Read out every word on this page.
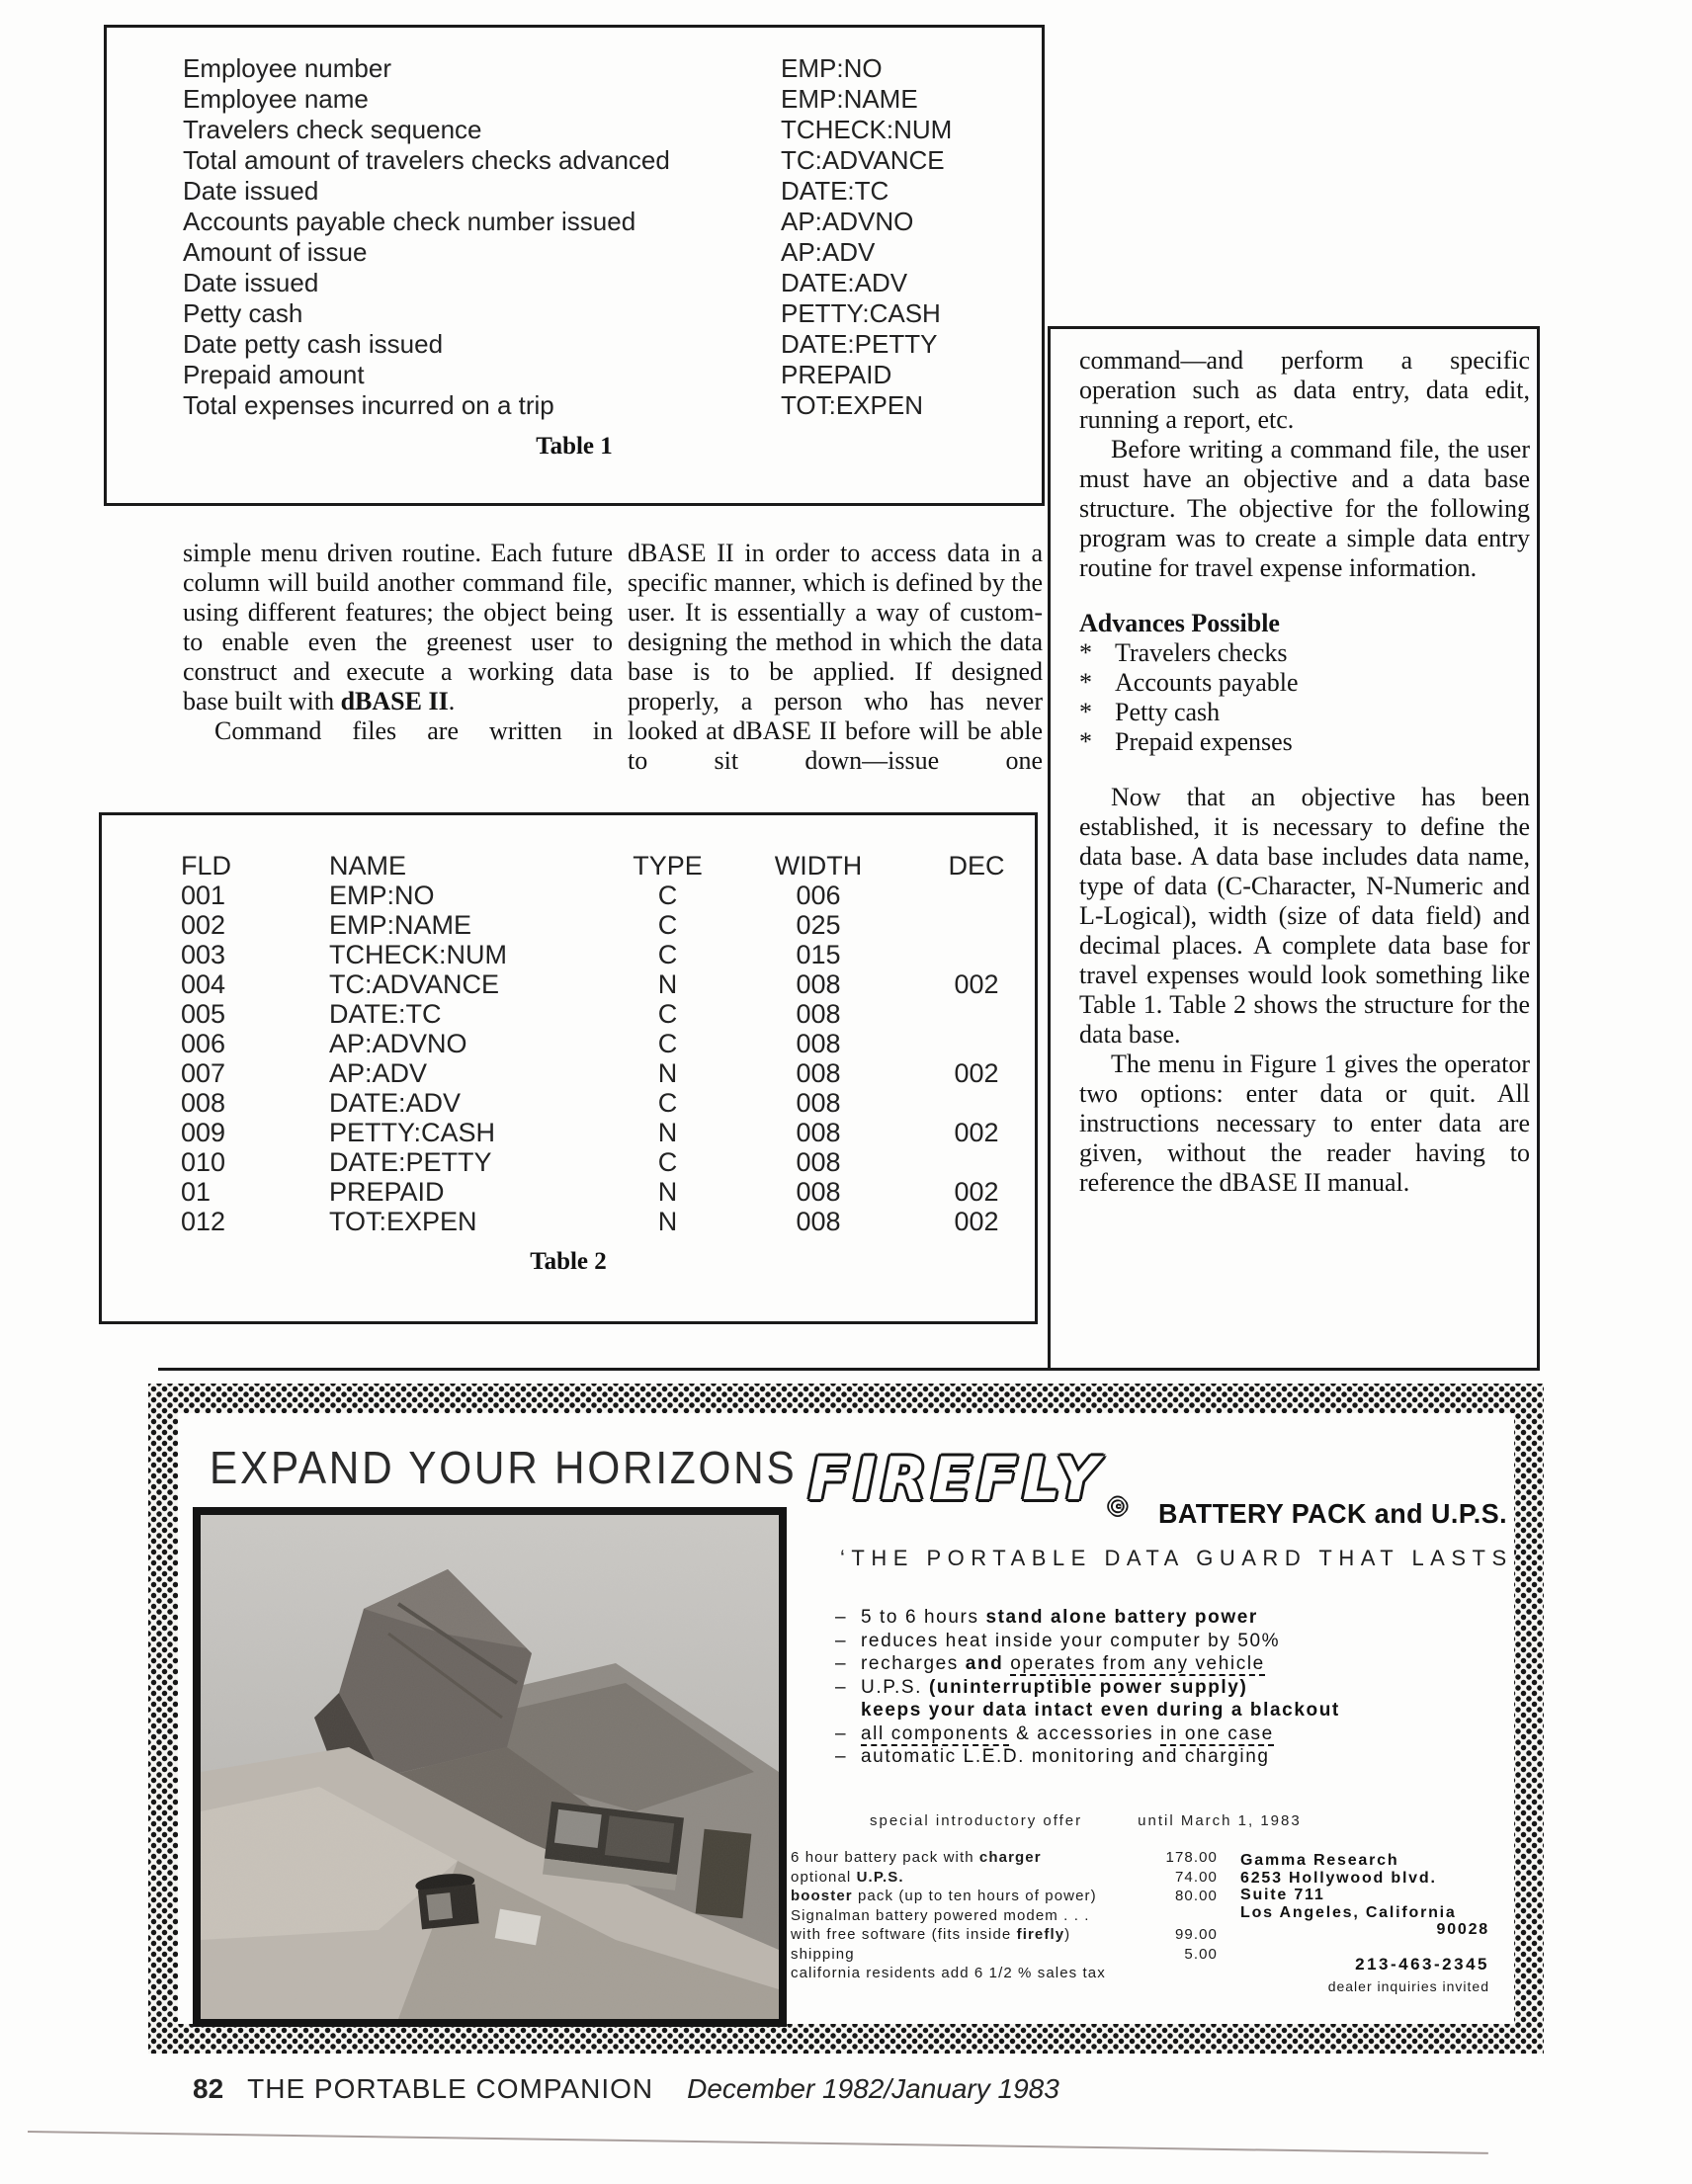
Employee number	EMP:NO
Employee name	EMP:NAME
Travelers check sequence	TCHECK:NUM
Total amount of travelers checks advanced	TC:ADVANCE
Date issued	DATE:TC
Accounts payable check number issued	AP:ADVNO
Amount of issue	AP:ADV
Date issued	DATE:ADV
Petty cash	PETTY:CASH
Date petty cash issued	DATE:PETTY
Prepaid amount	PREPAID
Total expenses incurred on a trip	TOT:EXPEN
Table 1

simple menu driven routine. Each future column will build another command file, using different features; the object being to enable even the greenest user to construct and execute a working data base built with dBASE II.

Command files are written in

dBASE II in order to access data in a specific manner, which is defined by the user. It is essentially a way of custom-designing the method in which the data base is to be applied. If designed properly, a person who has never looked at dBASE II before will be able to sit down—issue one

command—and perform a specific operation such as data entry, data edit, running a report, etc.

Before writing a command file, the user must have an objective and a data base structure. The objective for the following program was to create a simple data entry routine for travel expense information.

Advances Possible
* Travelers checks
* Accounts payable
* Petty cash
* Prepaid expenses

Now that an objective has been established, it is necessary to define the data base. A data base includes data name, type of data (C-Character, N-Numeric and L-Logical), width (size of data field) and decimal places. A complete data base for travel expenses would look something like Table 1. Table 2 shows the structure for the data base.

The menu in Figure 1 gives the operator two options: enter data or quit. All instructions necessary to enter data are given, without the reader having to reference the dBASE II manual.

FLD	NAME	TYPE	WIDTH	DEC
001	EMP:NO	C	006
002	EMP:NAME	C	025
003	TCHECK:NUM	C	015
004	TC:ADVANCE	N	008	002
005	DATE:TC	C	008
006	AP:ADVNO	C	008
007	AP:ADV	N	008	002
008	DATE:ADV	C	008
009	PETTY:CASH	N	008	002
010	DATE:PETTY	C	008
01	PREPAID	N	008	002
012	TOT:EXPEN	N	008	002
Table 2
EXPAND YOUR HORIZONS $FIREFLY_©$ BATTERY PACK and U.P.S.
‘THE PORTABLE DATA GUARD THAT LASTS’
– 5 to 6 hours stand alone battery power
– reduces heat inside your computer by 50%
– recharges and operates from any vehicle
– U.P.S. (uninterruptible power supply)
keeps your data intact even during a blackout
– all components & accessories in one case
– automatic L.E.D. monitoring and charging
special introductory offer	until March 1, 1983
6 hour battery pack with charger	178.00
optional U.P.S.	74.00
booster pack (up to ten hours of power)	80.00
Signalman battery powered modem . . .
with free software (fits inside firefly)	99.00
shipping	5.00
california residents add 6 1/2 % sales tax
Gamma Research
6253 Hollywood blvd.
Suite 711
Los Angeles, California
90028
213-463-2345
dealer inquiries invited
82 THE PORTABLE COMPANION December 1982/January 1983
